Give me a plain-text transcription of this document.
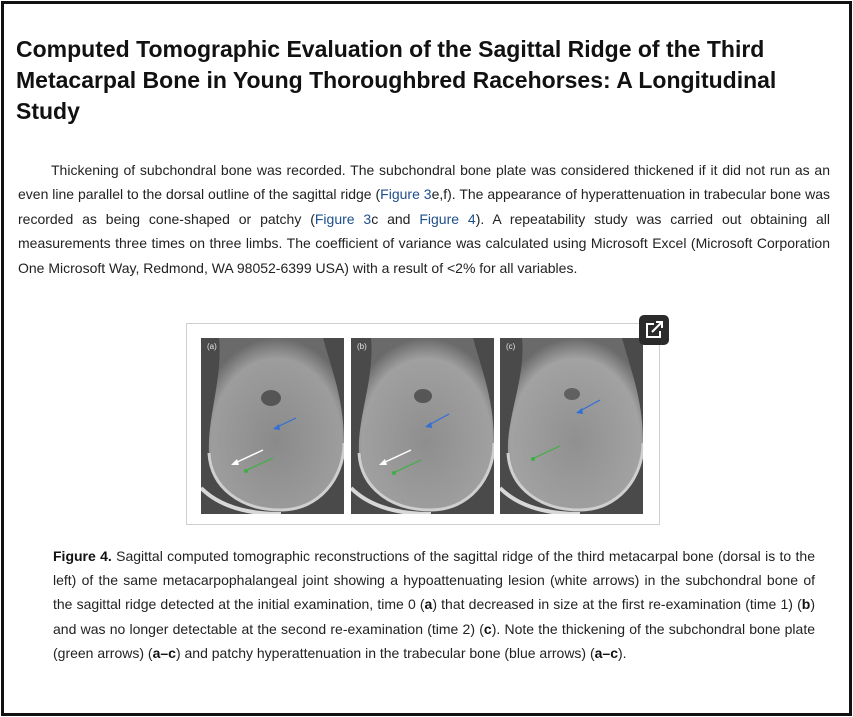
Computed Tomographic Evaluation of the Sagittal Ridge of the Third Metacarpal Bone in Young Thoroughbred Racehorses: A Longitudinal Study

Thickening of subchondral bone was recorded. The subchondral bone plate was considered thickened if it did not run as an even line parallel to the dorsal outline of the sagittal ridge (Figure 3e,f). The appearance of hyperattenuation in trabecular bone was recorded as being cone-shaped or patchy (Figure 3c and Figure 4). A repeatability study was carried out obtaining all measurements three times on three limbs. The coefficient of variance was calculated using Microsoft Excel (Microsoft Corporation One Microsoft Way, Redmond, WA 98052-6399 USA) with a result of <2% for all variables.

(a)	(b)	(c)

Figure 4. Sagittal computed tomographic reconstructions of the sagittal ridge of the third metacarpal bone (dorsal is to the left) of the same metacarpophalangeal joint showing a hypoattenuating lesion (white arrows) in the subchondral bone of the sagittal ridge detected at the initial examination, time 0 (a) that decreased in size at the first re-examination (time 1) (b) and was no longer detectable at the second re-examination (time 2) (c). Note the thickening of the subchondral bone plate (green arrows) (a–c) and patchy hyperattenuation in the trabecular bone (blue arrows) (a–c).
